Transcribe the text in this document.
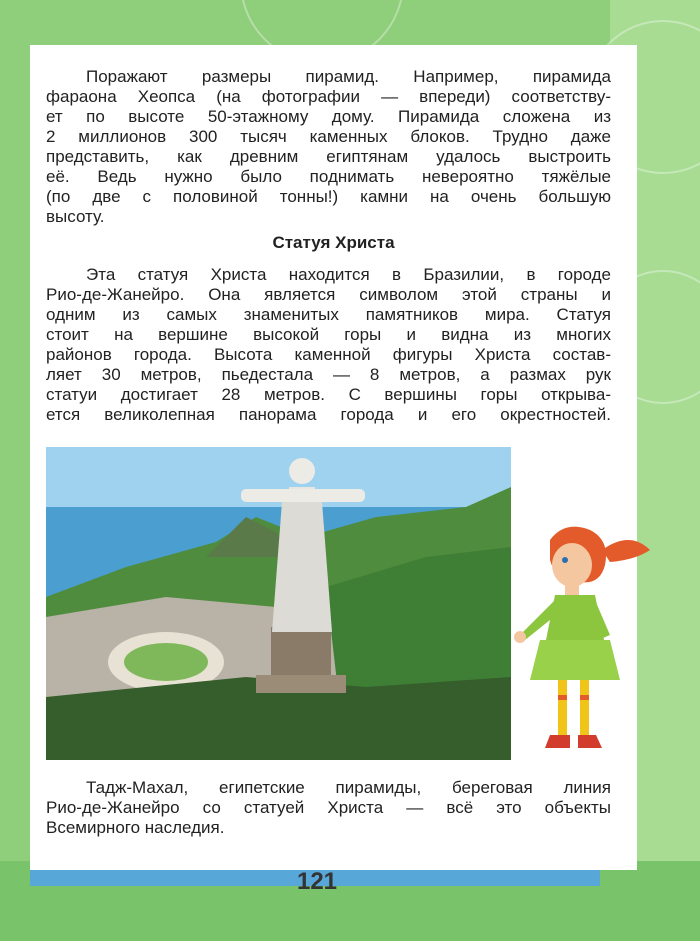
Поражают размеры пирамид. Например, пирамида
фараона Хеопса (на фотографии — впереди) соответству-
ет по высоте 50-этажному дому. Пирамида сложена из
2 миллионов 300 тысяч каменных блоков. Трудно даже
представить, как древним египтянам удалось выстроить
её. Ведь нужно было поднимать невероятно тяжёлые
(по две с половиной тонны!) камни на очень большую
высоту.
Статуя Христа
Эта статуя Христа находится в Бразилии, в городе
Рио-де-Жанейро. Она является символом этой страны и
одним из самых знаменитых памятников мира. Статуя
стоит на вершине высокой горы и видна из многих
районов города. Высота каменной фигуры Христа состав-
ляет 30 метров, пьедестала — 8 метров, а размах рук
статуи достигает 28 метров. С вершины горы открыва-
ется великолепная панорама города и его окрестностей.
Тадж-Махал, египетские пирамиды, береговая линия
Рио-де-Жанейро со статуей Христа — всё это объекты
Всемирного наследия.
121
